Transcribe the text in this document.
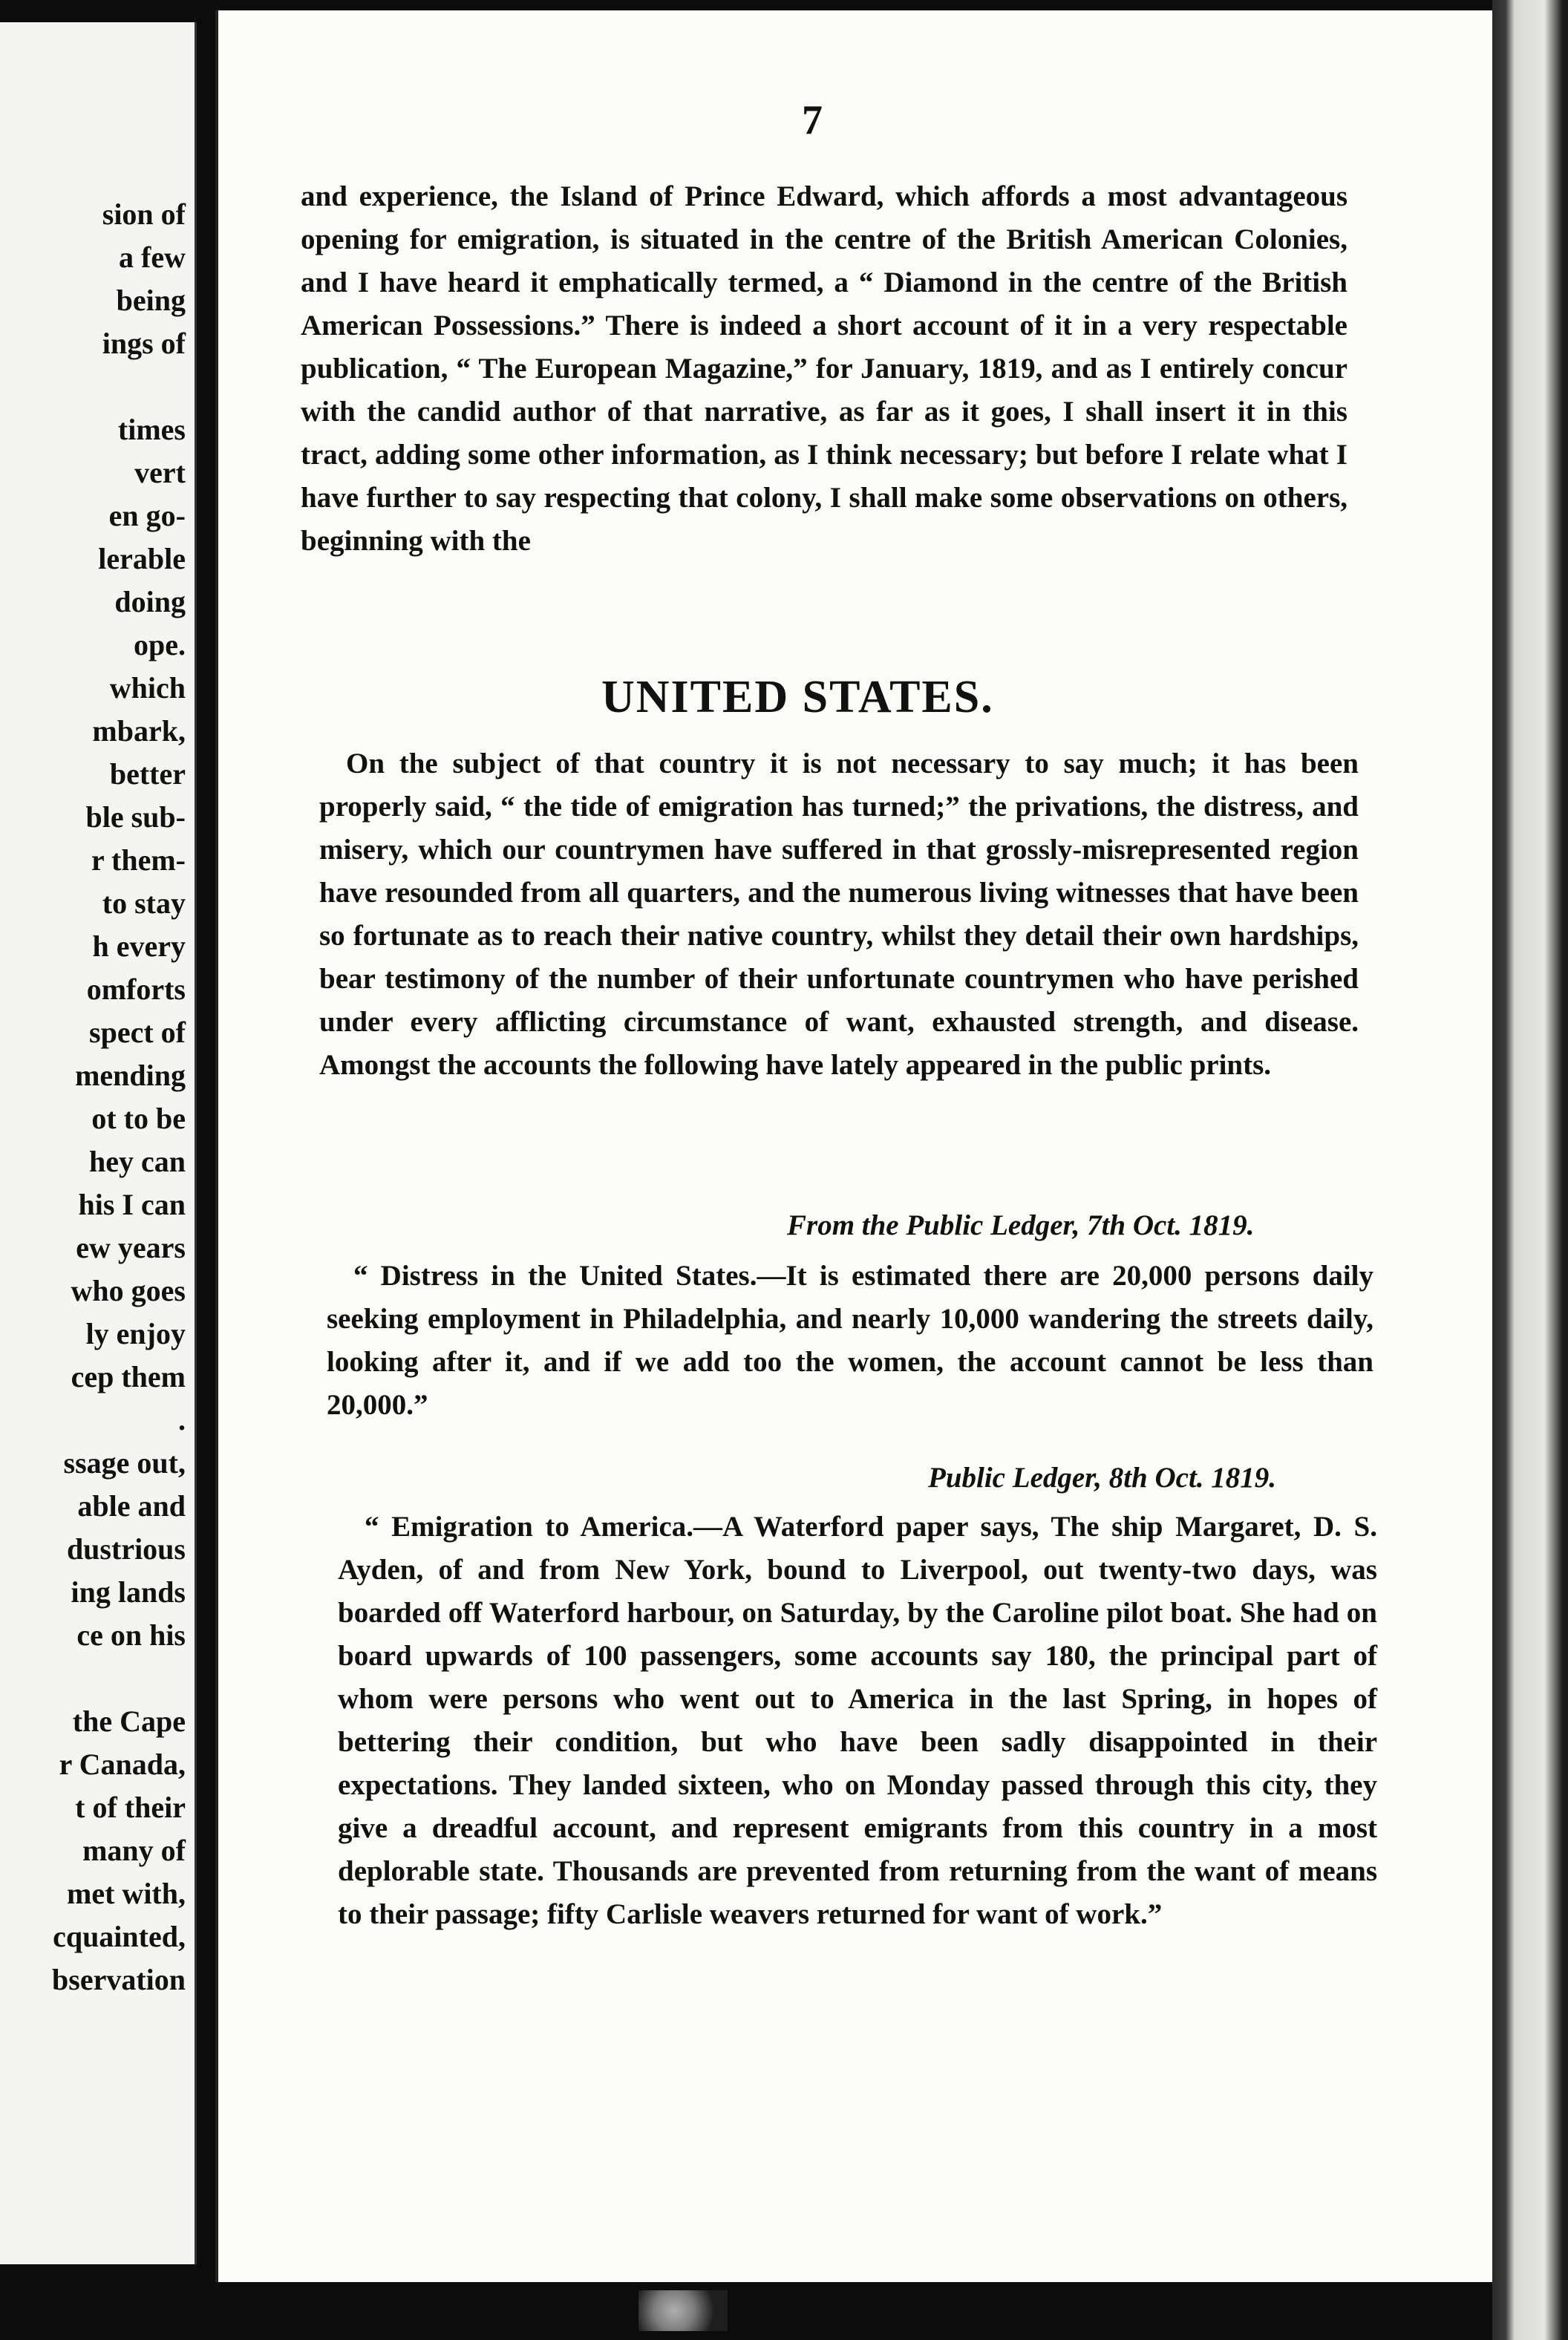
sion of
a few
being
ings of
times
vert
en go-
lerable
doing
ope.
which
mbark,
better
ble sub-
r them-
to stay
h every
omforts
spect of
mending
ot to be
hey can
his I can
ew years
who goes
ly enjoy
cep them
.
ssage out,
able and
dustrious
ing lands
ce on his
the Cape
r Canada,
t of their
many of
met with,
cquainted,
bservation
7

and experience, the Island of Prince Edward, which affords a most advantageous opening for emigration, is situated in the centre of the British American Colonies, and I have heard it emphatically termed, a “ Diamond in the centre of the British American Possessions.” There is indeed a short account of it in a very respectable publication, “ The European Magazine,” for January, 1819, and as I entirely concur with the candid author of that narrative, as far as it goes, I shall insert it in this tract, adding some other information, as I think necessary; but before I relate what I have further to say respecting that colony, I shall make some observations on others, beginning with the

UNITED STATES.

On the subject of that country it is not necessary to say much; it has been properly said, “ the tide of emigration has turned;” the privations, the distress, and misery, which our countrymen have suffered in that grossly-misrepresented region have resounded from all quarters, and the numerous living witnesses that have been so fortunate as to reach their native country, whilst they detail their own hardships, bear testimony of the number of their unfortunate countrymen who have perished under every afflicting circumstance of want, exhausted strength, and disease. Amongst the accounts the following have lately appeared in the public prints.

From the Public Ledger, 7th Oct. 1819.

“ Distress in the United States.—It is estimated there are 20,000 persons daily seeking employment in Philadelphia, and nearly 10,000 wandering the streets daily, looking after it, and if we add too the women, the account cannot be less than 20,000.”

Public Ledger, 8th Oct. 1819.

“ Emigration to America.—A Waterford paper says, The ship Margaret, D. S. Ayden, of and from New York, bound to Liverpool, out twenty-two days, was boarded off Waterford harbour, on Saturday, by the Caroline pilot boat. She had on board upwards of 100 passengers, some accounts say 180, the principal part of whom were persons who went out to America in the last Spring, in hopes of bettering their condition, but who have been sadly disappointed in their expectations. They landed sixteen, who on Monday passed through this city, they give a dreadful account, and represent emigrants from this country in a most deplorable state. Thousands are prevented from returning from the want of means to their passage; fifty Carlisle weavers returned for want of work.”
